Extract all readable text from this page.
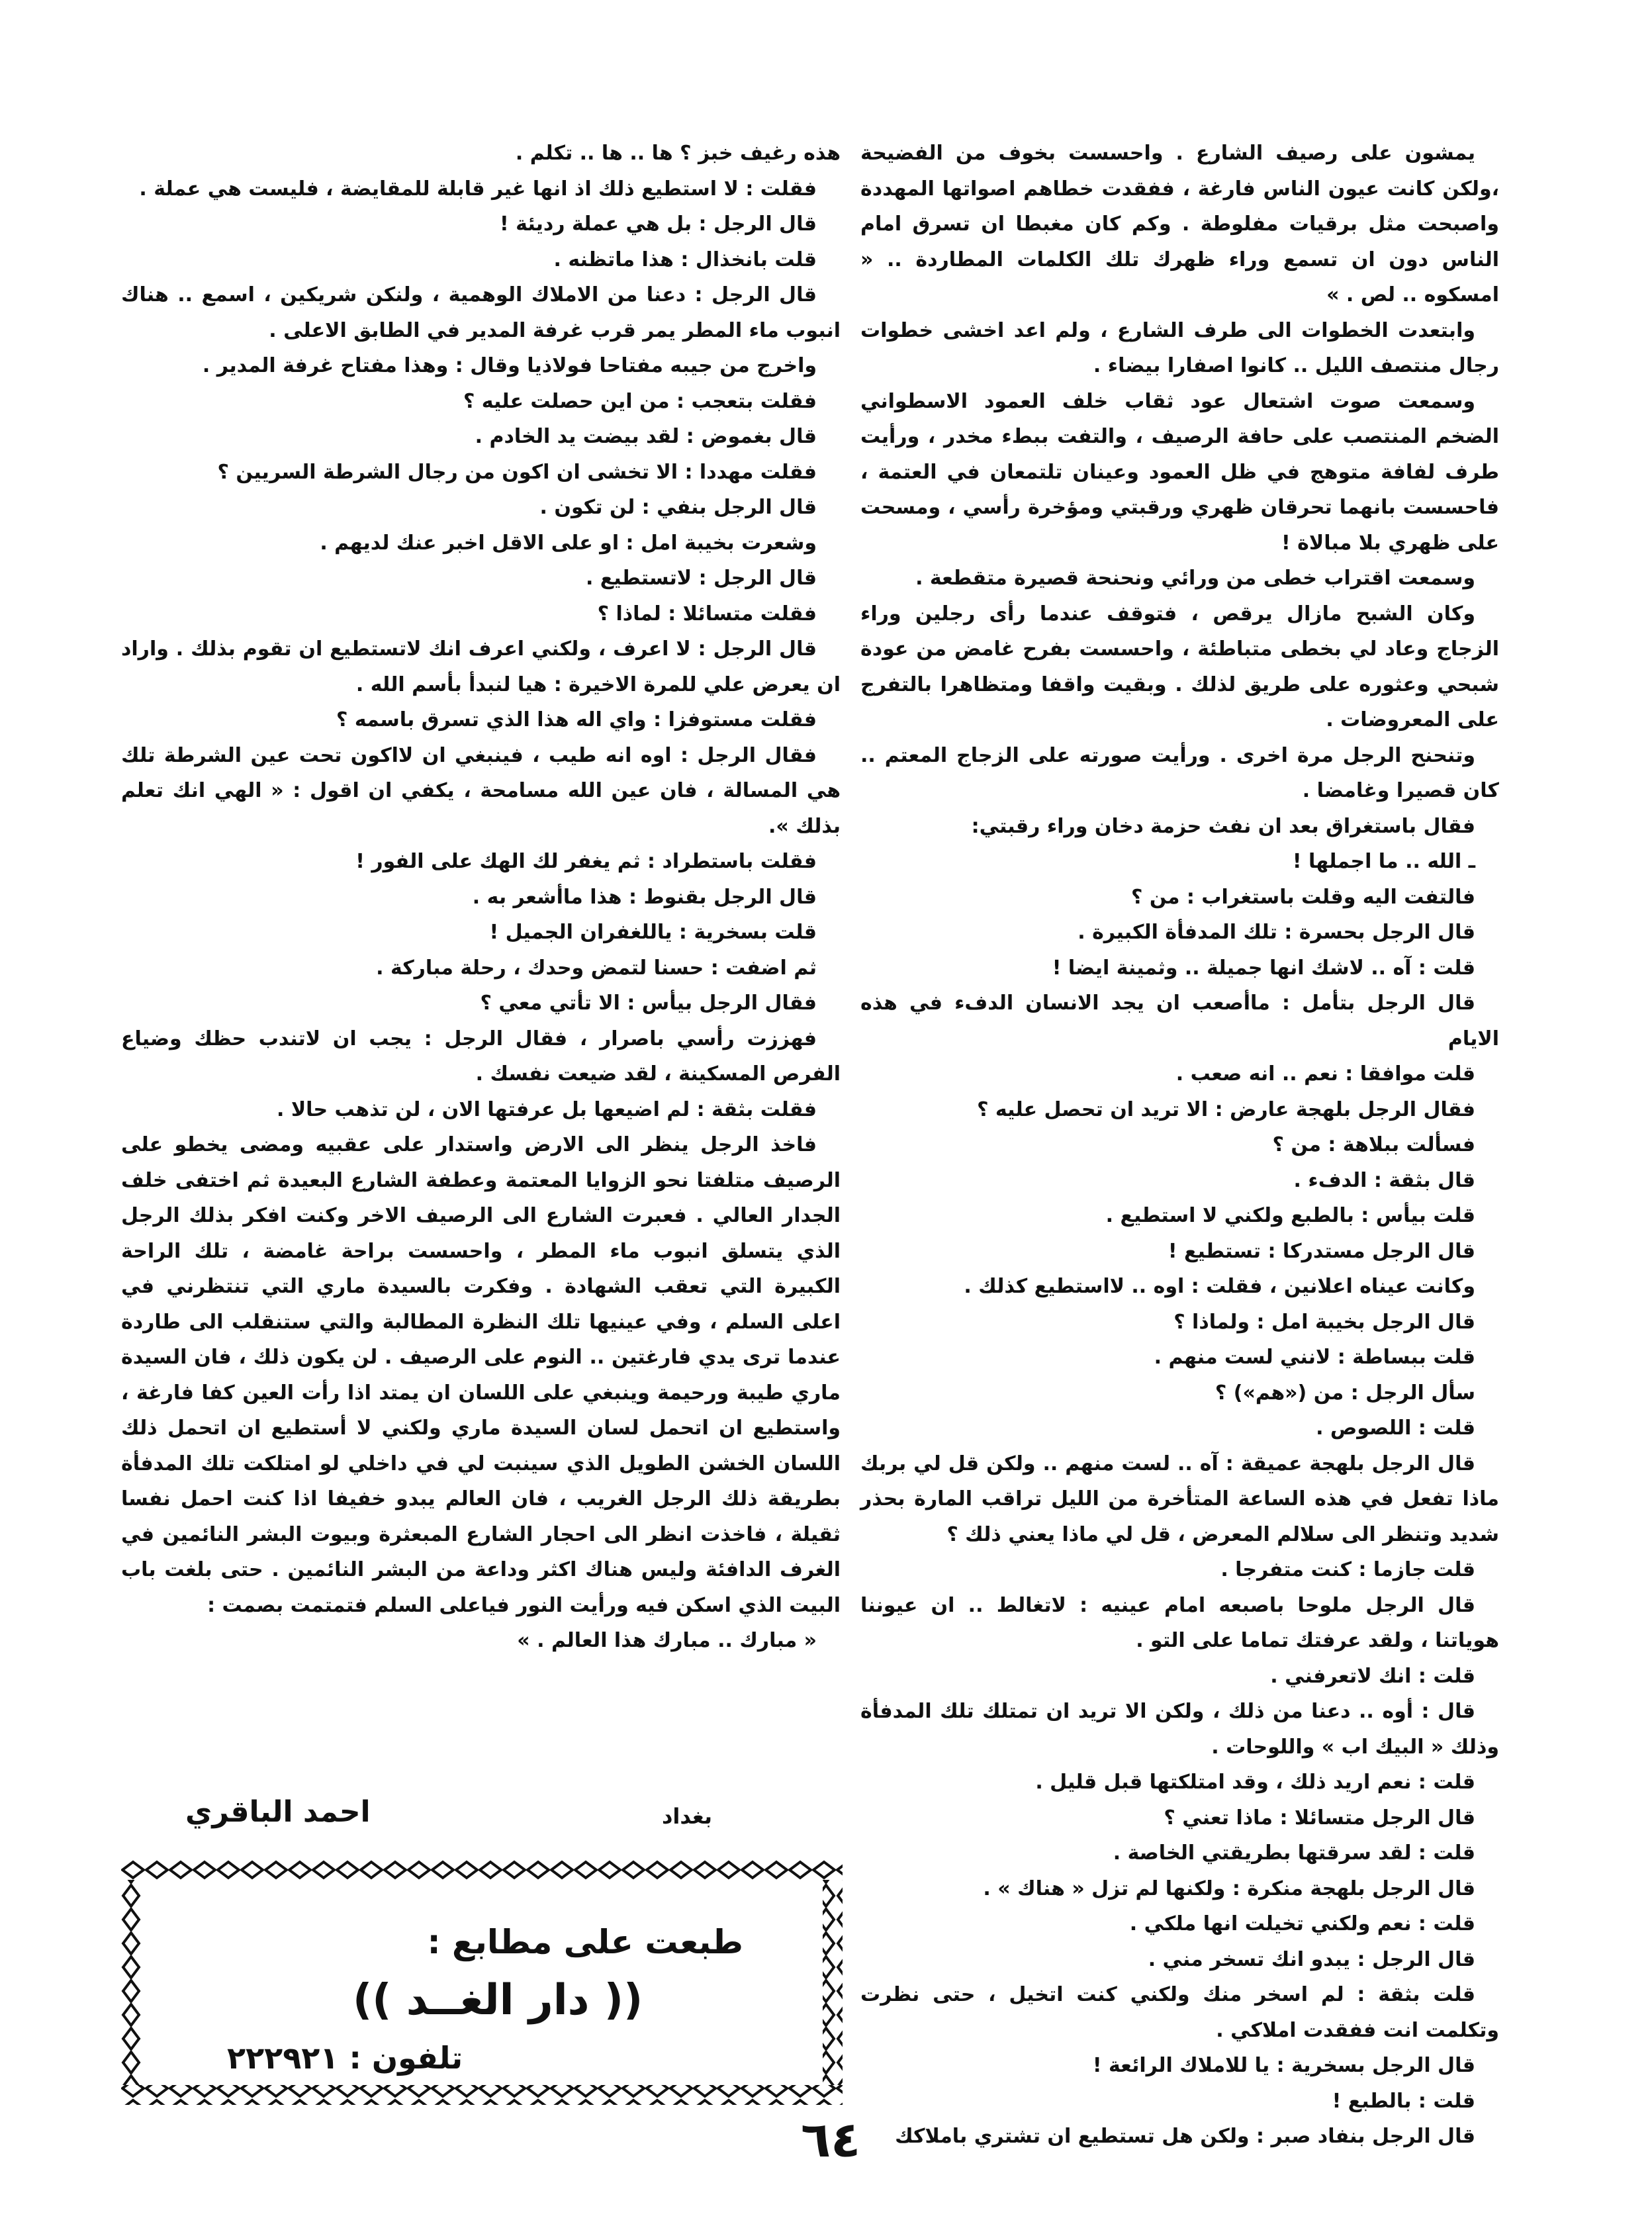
يمشون على رصيف الشارع . واحسست بخوف من الفضيحة ،ولكن كانت عيون الناس فارغة ، ففقدت خطاهم اصواتها المهددة واصبحت مثل برقيات مفلوطة . وكم كان مغبطا ان تسرق امام الناس دون ان تسمع وراء ظهرك تلك الكلمات المطاردة .. « امسكوه .. لص . »

وابتعدت الخطوات الى طرف الشارع ، ولم اعد اخشى خطوات رجال منتصف الليل .. كانوا اصفارا بيضاء .

وسمعت صوت اشتعال عود ثقاب خلف العمود الاسطواني الضخم المنتصب على حافة الرصيف ، والتفت ببطء مخدر ، ورأيت طرف لفافة متوهج في ظل العمود وعينان تلتمعان في العتمة ، فاحسست بانهما تحرقان ظهري ورقبتي ومؤخرة رأسي ، ومسحت على ظهري بلا مبالاة !

وسمعت اقتراب خطى من ورائي ونحنحة قصيرة متقطعة .

وكان الشبح مازال يرقص ، فتوقف عندما رأى رجلين وراء الزجاج وعاد لي بخطى متباطئة ، واحسست بفرح غامض من عودة شبحي وعثوره على طريق لذلك . وبقيت واقفا ومتظاهرا بالتفرج على المعروضات .

وتنحنح الرجل مرة اخرى . ورأيت صورته على الزجاج المعتم .. كان قصيرا وغامضا .

فقال باستغراق بعد ان نفث حزمة دخان وراء رقبتي:

ـ الله .. ما اجملها !

فالتفت اليه وقلت باستغراب : من ؟

قال الرجل بحسرة : تلك المدفأة الكبيرة .

قلت : آه .. لاشك انها جميلة .. وثمينة ايضا !

قال الرجل بتأمل : ماأصعب ان يجد الانسان الدفء في هذه الايام

قلت موافقا : نعم .. انه صعب .

فقال الرجل بلهجة عارض : الا تريد ان تحصل عليه ؟

فسألت ببلاهة : من ؟

قال بثقة : الدفء .

قلت بيأس : بالطبع ولكني لا استطيع .

قال الرجل مستدركا : تستطيع !

وكانت عيناه اعلانين ، فقلت : اوه .. لااستطيع كذلك .

قال الرجل بخيبة امل : ولماذا ؟

قلت ببساطة : لانني لست منهم .

سأل الرجل : من («هم») ؟

قلت : اللصوص .

قال الرجل بلهجة عميقة : آه .. لست منهم .. ولكن قل لي بربك ماذا تفعل في هذه الساعة المتأخرة من الليل تراقب المارة بحذر شديد وتنظر الى سلالم المعرض ، قل لي ماذا يعني ذلك ؟

قلت جازما : كنت متفرجا .

قال الرجل ملوحا باصبعه امام عينيه : لاتغالط .. ان عيوننا هوياتنا ، ولقد عرفتك تماما على التو .

قلت : انك لاتعرفني .

قال : أوه .. دعنا من ذلك ، ولكن الا تريد ان تمتلك تلك المدفأة وذلك « البيك اب » واللوحات .

قلت : نعم اريد ذلك ، وقد امتلكتها قبل قليل .

قال الرجل متسائلا : ماذا تعني ؟

قلت : لقد سرقتها بطريقتي الخاصة .

قال الرجل بلهجة منكرة : ولكنها لم تزل « هناك » .

قلت : نعم ولكني تخيلت انها ملكي .

قال الرجل : يبدو انك تسخر مني .

قلت بثقة : لم اسخر منك ولكني كنت اتخيل ، حتى نظرت وتكلمت انت ففقدت املاكي .

قال الرجل بسخرية : يا للاملاك الرائعة !

قلت : بالطبع !

قال الرجل بنفاد صبر : ولكن هل تستطيع ان تشتري باملاكك

هذه رغيف خبز ؟ ها .. ها .. تكلم .

فقلت : لا استطيع ذلك اذ انها غير قابلة للمقايضة ، فليست هي عملة .

قال الرجل : بل هي عملة رديئة !

قلت بانخذال : هذا ماتظنه .

قال الرجل : دعنا من الاملاك الوهمية ، ولنكن شريكين ، اسمع .. هناك انبوب ماء المطر يمر قرب غرفة المدير في الطابق الاعلى .

واخرج من جيبه مفتاحا فولاذيا وقال : وهذا مفتاح غرفة المدير .

فقلت بتعجب : من اين حصلت عليه ؟

قال بغموض : لقد بيضت يد الخادم .

فقلت مهددا : الا تخشى ان اكون من رجال الشرطة السريين ؟

قال الرجل بنفي : لن تكون .

وشعرت بخيبة امل : او على الاقل اخبر عنك لديهم .

قال الرجل : لاتستطيع .

فقلت متسائلا : لماذا ؟

قال الرجل : لا اعرف ، ولكني اعرف انك لاتستطيع ان تقوم بذلك . واراد ان يعرض علي للمرة الاخيرة : هيا لنبدأ بأسم الله .

فقلت مستوفزا : واي اله هذا الذي تسرق باسمه ؟

فقال الرجل : اوه انه طيب ، فينبغي ان لااكون تحت عين الشرطة تلك هي المسالة ، فان عين الله مسامحة ، يكفي ان اقول : « الهي انك تعلم بذلك ».

فقلت باستطراد : ثم يغفر لك الهك على الفور !

قال الرجل بقنوط : هذا ماأشعر به .

قلت بسخرية : ياللغفران الجميل !

ثم اضفت : حسنا لتمض وحدك ، رحلة مباركة .

فقال الرجل بيأس : الا تأتي معي ؟

فهززت رأسي باصرار ، فقال الرجل : يجب ان لاتندب حظك وضياع الفرص المسكينة ، لقد ضيعت نفسك .

فقلت بثقة : لم اضيعها بل عرفتها الان ، لن تذهب حالا .

فاخذ الرجل ينظر الى الارض واستدار على عقبيه ومضى يخطو على الرصيف متلفتا نحو الزوايا المعتمة وعطفة الشارع البعيدة ثم اختفى خلف الجدار العالي . فعبرت الشارع الى الرصيف الاخر وكنت افكر بذلك الرجل الذي يتسلق انبوب ماء المطر ، واحسست براحة غامضة ، تلك الراحة الكبيرة التي تعقب الشهادة . وفكرت بالسيدة ماري التي تنتظرني في اعلى السلم ، وفي عينيها تلك النظرة المطالبة والتي ستنقلب الى طاردة عندما ترى يدي فارغتين .. النوم على الرصيف . لن يكون ذلك ، فان السيدة ماري طيبة ورحيمة وينبغي على اللسان ان يمتد اذا رأت العين كفا فارغة ، واستطيع ان اتحمل لسان السيدة ماري ولكني لا أستطيع ان اتحمل ذلك اللسان الخشن الطويل الذي سينبت لي في داخلي لو امتلكت تلك المدفأة بطريقة ذلك الرجل الغريب ، فان العالم يبدو خفيفا اذا كنت احمل نفسا ثقيلة ، فاخذت انظر الى احجار الشارع المبعثرة وبيوت البشر النائمين في الغرف الدافئة وليس هناك اكثر وداعة من البشر النائمين . حتى بلغت باب البيت الذي اسكن فيه ورأيت النور فياعلى السلم فتمتمت بصمت :

« مبارك .. مبارك هذا العالم . »

بغداد
احمد الباقري
طبعت على مطابع :
(( دار الغــد ))
تلفون : ٢٢٢٩٢١
٦٤
